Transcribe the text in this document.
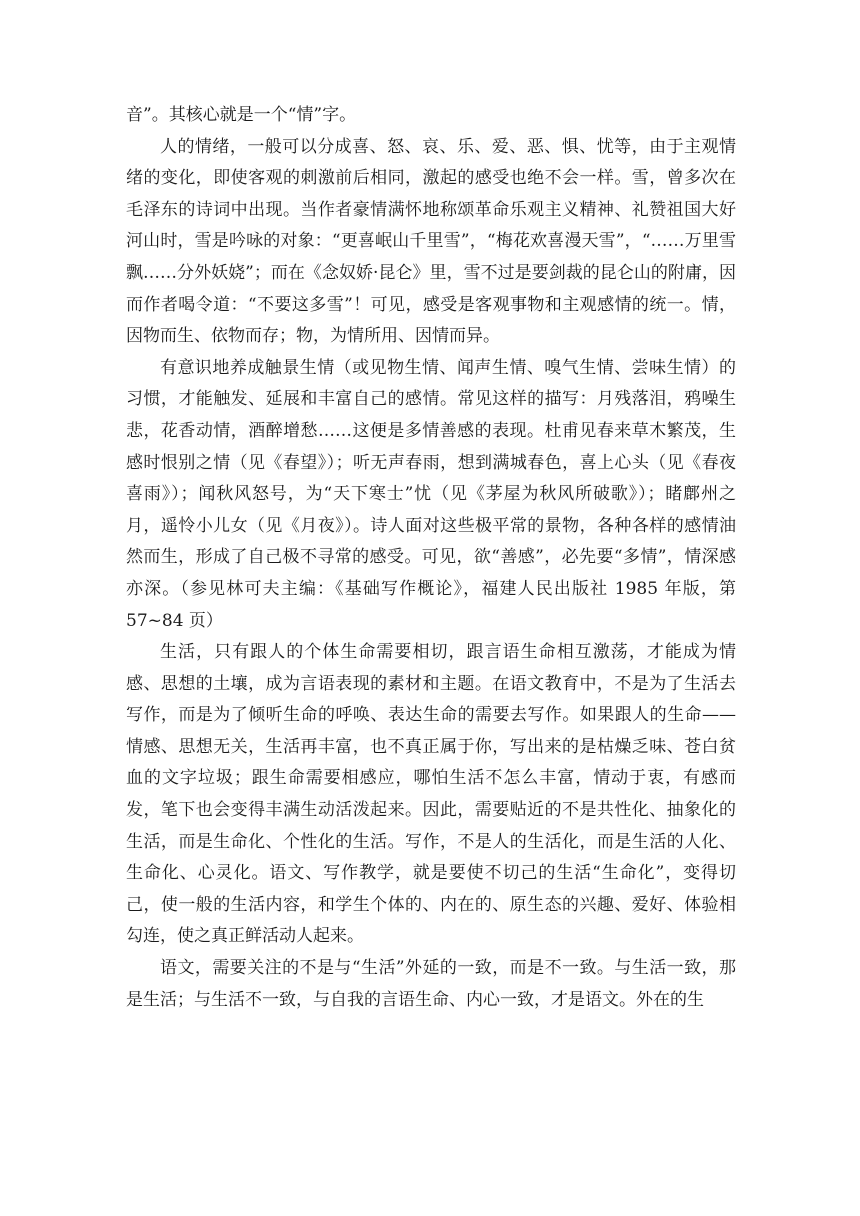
音”。其核心就是一个“情”字。

人的情绪，一般可以分成喜、怒、哀、乐、爱、恶、惧、忧等，由于主观情绪的变化，即使客观的刺激前后相同，激起的感受也绝不会一样。雪，曾多次在毛泽东的诗词中出现。当作者豪情满怀地称颂革命乐观主义精神、礼赞祖国大好河山时，雪是吟咏的对象：“更喜岷山千里雪”，“梅花欢喜漫天雪”，“……万里雪飘……分外妖娆”；而在《念奴娇·昆仑》里，雪不过是要剑裁的昆仑山的附庸，因而作者喝令道：“不要这多雪”！可见，感受是客观事物和主观感情的统一。情，因物而生、依物而存；物，为情所用、因情而异。

有意识地养成触景生情（或见物生情、闻声生情、嗅气生情、尝味生情）的习惯，才能触发、延展和丰富自己的感情。常见这样的描写：月残落泪，鸦噪生悲，花香动情，酒醉增愁……这便是多情善感的表现。杜甫见春来草木繁茂，生感时恨别之情（见《春望》）；听无声春雨，想到满城春色，喜上心头（见《春夜喜雨》）；闻秋风怒号，为“天下寒士”忧（见《茅屋为秋风所破歌》）；睹鄜州之月，遥怜小儿女（见《月夜》）。诗人面对这些极平常的景物，各种各样的感情油然而生，形成了自己极不寻常的感受。可见，欲“善感”，必先要“多情”，情深感亦深。（参见林可夫主编：《基础写作概论》，福建人民出版社 1985 年版，第 57~84 页）

生活，只有跟人的个体生命需要相切，跟言语生命相互激荡，才能成为情感、思想的土壤，成为言语表现的素材和主题。在语文教育中，不是为了生活去写作，而是为了倾听生命的呼唤、表达生命的需要去写作。如果跟人的生命——情感、思想无关，生活再丰富，也不真正属于你，写出来的是枯燥乏味、苍白贫血的文字垃圾；跟生命需要相感应，哪怕生活不怎么丰富，情动于衷，有感而发，笔下也会变得丰满生动活泼起来。因此，需要贴近的不是共性化、抽象化的生活，而是生命化、个性化的生活。写作，不是人的生活化，而是生活的人化、生命化、心灵化。语文、写作教学，就是要使不切己的生活“生命化”，变得切己，使一般的生活内容，和学生个体的、内在的、原生态的兴趣、爱好、体验相勾连，使之真正鲜活动人起来。

语文，需要关注的不是与“生活”外延的一致，而是不一致。与生活一致，那是生活；与生活不一致，与自我的言语生命、内心一致，才是语文。外在的生
